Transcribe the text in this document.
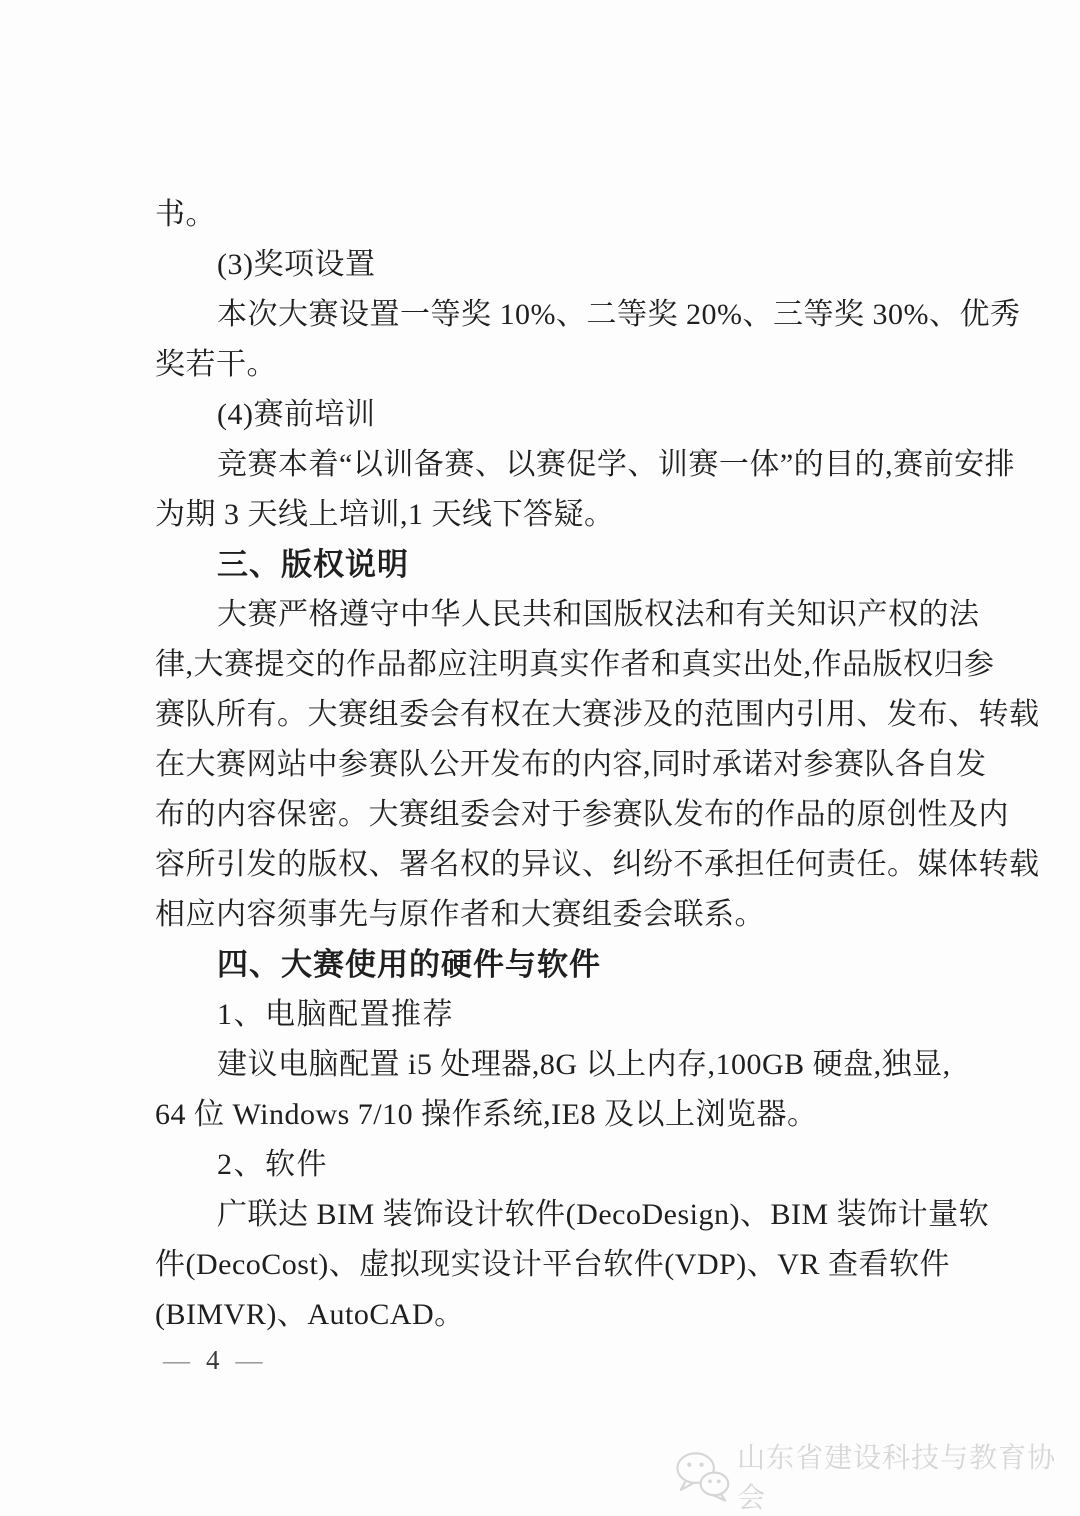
书。
(3)奖项设置
本次大赛设置一等奖 10%、二等奖 20%、三等奖 30%、优秀
奖若干。
(4)赛前培训
竞赛本着“以训备赛、以赛促学、训赛一体”的目的,赛前安排
为期 3 天线上培训,1 天线下答疑。
三、版权说明
大赛严格遵守中华人民共和国版权法和有关知识产权的法
律,大赛提交的作品都应注明真实作者和真实出处,作品版权归参
赛队所有。大赛组委会有权在大赛涉及的范围内引用、发布、转载
在大赛网站中参赛队公开发布的内容,同时承诺对参赛队各自发
布的内容保密。大赛组委会对于参赛队发布的作品的原创性及内
容所引发的版权、署名权的异议、纠纷不承担任何责任。媒体转载
相应内容须事先与原作者和大赛组委会联系。
四、大赛使用的硬件与软件
1、电脑配置推荐
建议电脑配置 i5 处理器,8G 以上内存,100GB 硬盘,独显,
64 位 Windows 7/10 操作系统,IE8 及以上浏览器。
2、软件
广联达 BIM 装饰设计软件(DecoDesign)、BIM 装饰计量软
件(DecoCost)、虚拟现实设计平台软件(VDP)、VR 查看软件
(BIMVR)、AutoCAD。
— 4 —
山东省建设科技与教育协会
